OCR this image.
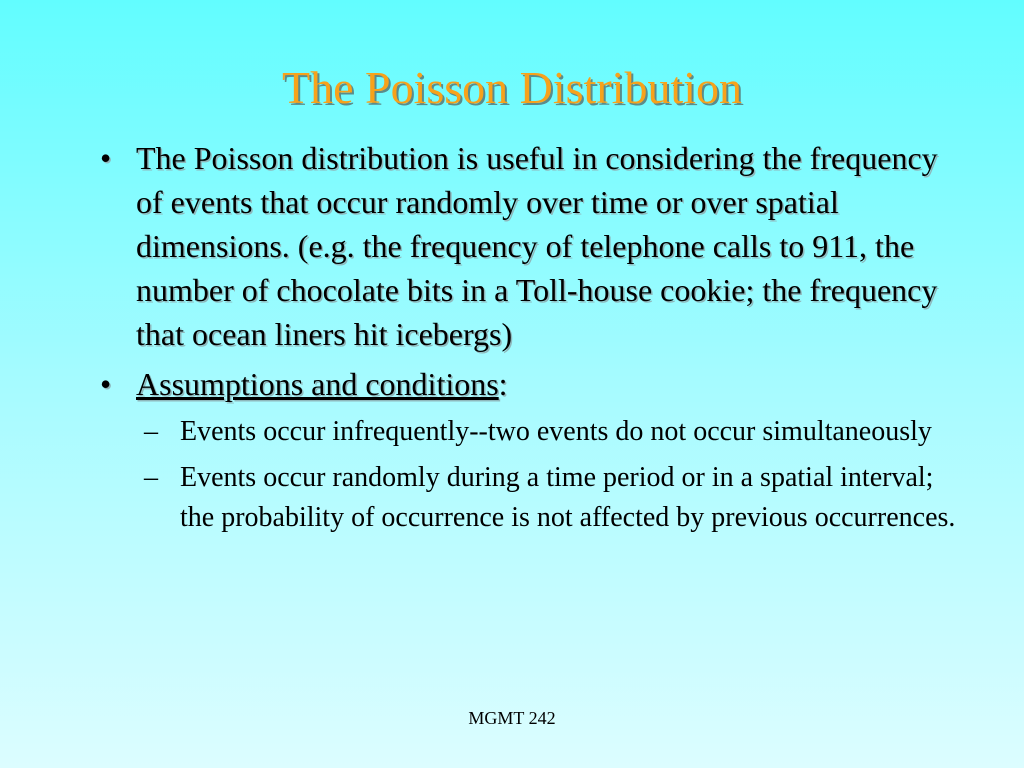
The Poisson Distribution
• The Poisson distribution is useful in considering the frequency of events that occur randomly over time or over spatial dimensions. (e.g. the frequency of telephone calls to 911, the number of chocolate bits in a Toll-house cookie; the frequency that ocean liners hit icebergs)
• Assumptions and conditions:
– Events occur infrequently--two events do not occur simultaneously
– Events occur randomly during a time period or in a spatial interval; the probability of occurrence is not affected by previous occurrences.
MGMT 242
